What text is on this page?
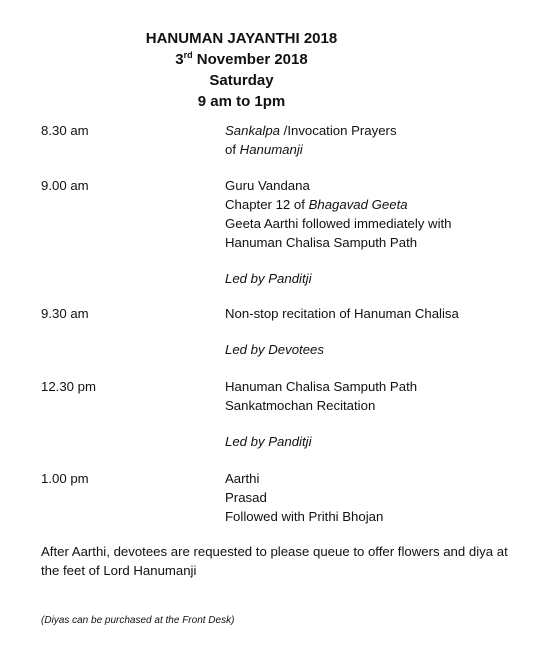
HANUMAN JAYANTHI 2018
3rd November 2018
Saturday
9 am to 1pm
8.30 am	Sankalpa /Invocation Prayers
of Hanumanji
9.00 am	Guru Vandana
Chapter 12 of Bhagavad Geeta
Geeta Aarthi followed immediately with
Hanuman Chalisa Samputh Path
Led by Panditji
9.30 am	Non-stop recitation of Hanuman Chalisa
Led by Devotees
12.30 pm	Hanuman Chalisa Samputh Path
Sankatmochan Recitation
Led by Panditji
1.00 pm	Aarthi
Prasad
Followed with Prithi Bhojan
After Aarthi, devotees are requested to please queue to offer flowers and diya at the feet of Lord Hanumanji
(Diyas can be purchased at the Front Desk)
